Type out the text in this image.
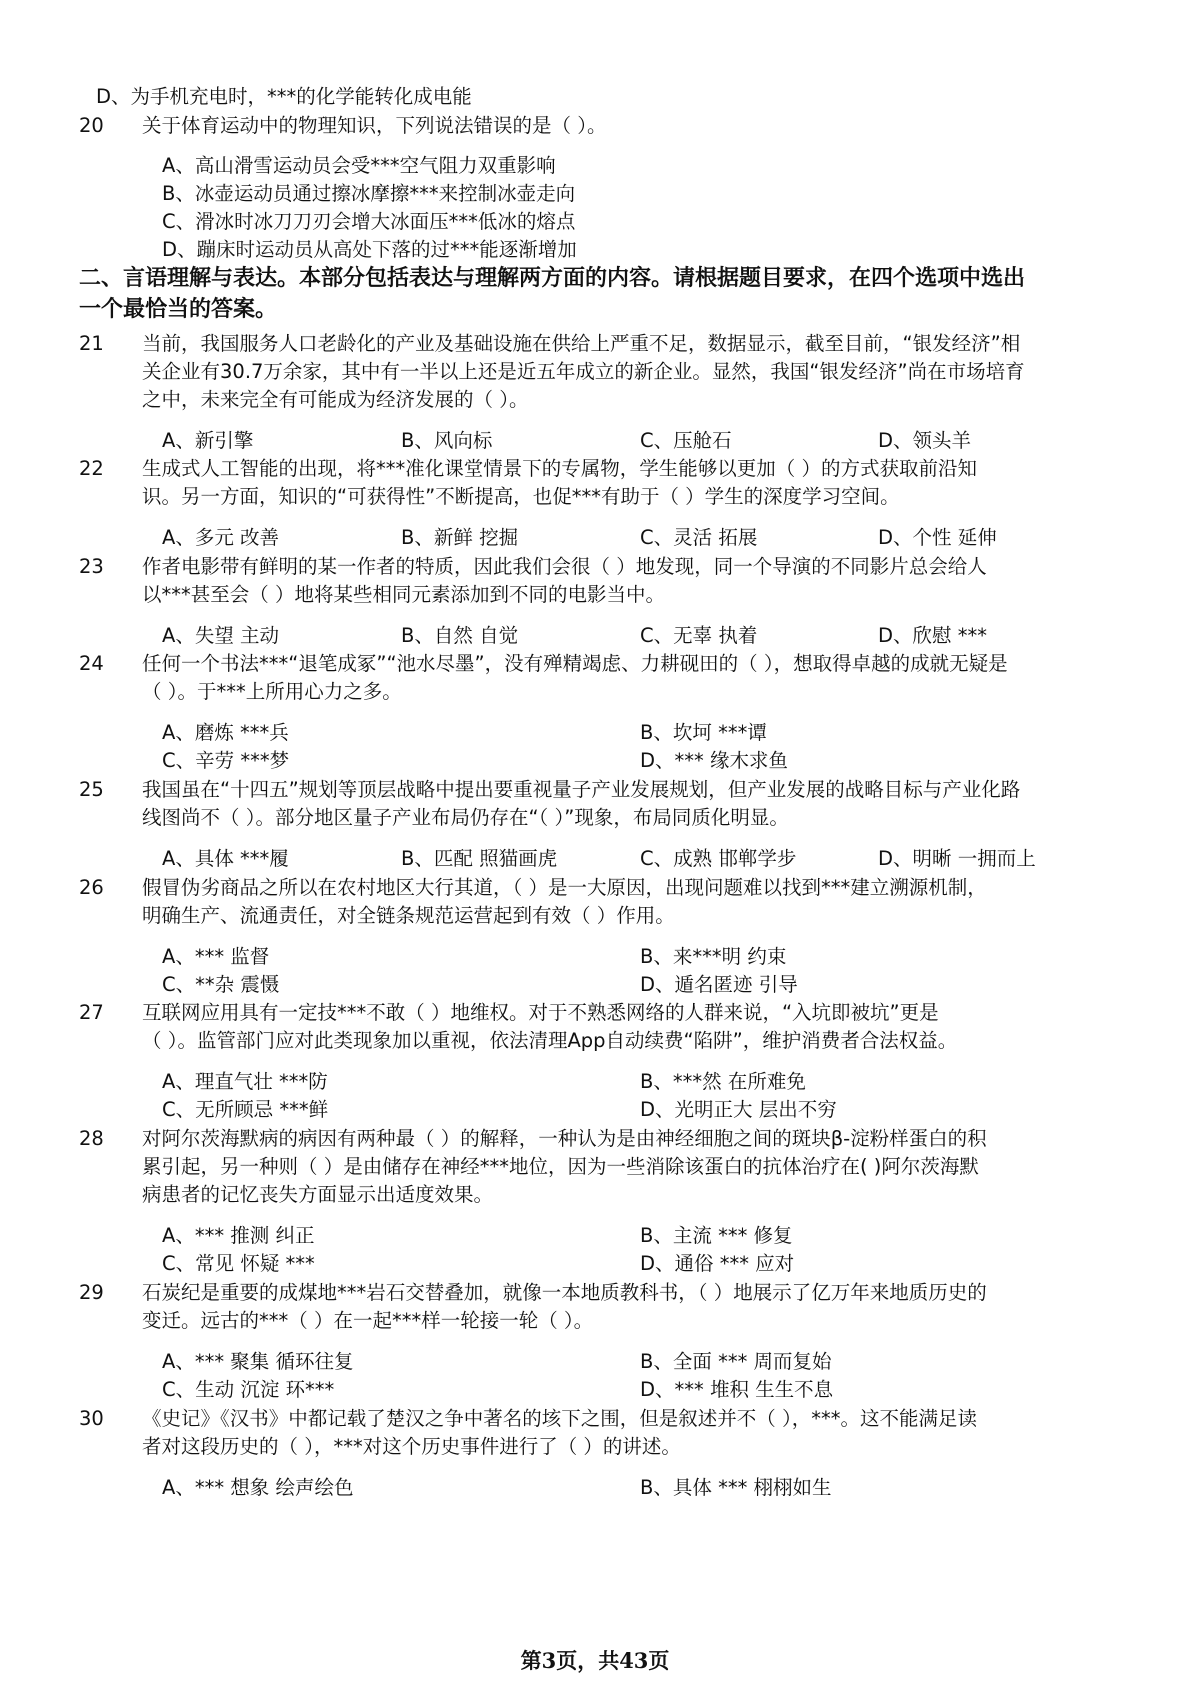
D、为手机充电时，***的化学能转化成电能
20 关于体育运动中的物理知识，下列说法错误的是（ ）。
A、高山滑雪运动员会受***空气阻力双重影响
B、冰壶运动员通过擦冰摩擦***来控制冰壶走向
C、滑冰时冰刀刀刃会增大冰面压***低冰的熔点
D、蹦床时运动员从高处下落的过***能逐渐增加
二、言语理解与表达。本部分包括表达与理解两方面的内容。请根据题目要求，在四个选项中选出
一个最恰当的答案。
21 当前，我国服务人口老龄化的产业及基础设施在供给上严重不足，数据显示，截至目前，“银发经济”相
关企业有30.7万余家，其中有一半以上还是近五年成立的新企业。显然，我国“银发经济”尚在市场培育
之中，未来完全有可能成为经济发展的（ ）。
A、新引擎	B、风向标	C、压舱石	D、领头羊
22 生成式人工智能的出现，将***准化课堂情景下的专属物，学生能够以更加（ ）的方式获取前沿知
识。另一方面，知识的“可获得性”不断提高，也促***有助于（ ）学生的深度学习空间。
A、多元 改善	B、新鲜 挖掘	C、灵活 拓展	D、个性 延伸
23 作者电影带有鲜明的某一作者的特质，因此我们会很（ ）地发现，同一个导演的不同影片总会给人
以***甚至会（ ）地将某些相同元素添加到不同的电影当中。
A、失望 主动	B、自然 自觉	C、无辜 执着	D、欣慰 ***
24 任何一个书法***“退笔成冢”“池水尽墨”，没有殚精竭虑、力耕砚田的（ ），想取得卓越的成就无疑是
（ ）。于***上所用心力之多。
A、磨炼 ***兵	B、坎坷 ***谭
C、辛劳 ***梦	D、*** 缘木求鱼
25 我国虽在“十四五”规划等顶层战略中提出要重视量子产业发展规划，但产业发展的战略目标与产业化路
线图尚不（ ）。部分地区量子产业布局仍存在“（ ）”现象，布局同质化明显。
A、具体 ***履	B、匹配 照猫画虎	C、成熟 邯郸学步	D、明晰 一拥而上
26 假冒伪劣商品之所以在农村地区大行其道，（ ）是一大原因，出现问题难以找到***建立溯源机制，
明确生产、流通责任，对全链条规范运营起到有效（ ）作用。
A、*** 监督	B、来***明 约束
C、**杂 震慑	D、遁名匿迹 引导
27 互联网应用具有一定技***不敢（ ）地维权。对于不熟悉网络的人群来说，“入坑即被坑”更是
（ ）。监管部门应对此类现象加以重视，依法清理App自动续费“陷阱”，维护消费者合法权益。
A、理直气壮 ***防	B、***然 在所难免
C、无所顾忌 ***鲜	D、光明正大 层出不穷
28 对阿尔茨海默病的病因有两种最（ ）的解释，一种认为是由神经细胞之间的斑块β-淀粉样蛋白的积
累引起，另一种则（ ）是由储存在神经***地位，因为一些消除该蛋白的抗体治疗在( )阿尔茨海默
病患者的记忆丧失方面显示出适度效果。
A、*** 推测 纠正	B、主流 *** 修复
C、常见 怀疑 ***	D、通俗 *** 应对
29 石炭纪是重要的成煤地***岩石交替叠加，就像一本地质教科书，（ ）地展示了亿万年来地质历史的
变迁。远古的***（ ）在一起***样一轮接一轮（ ）。
A、*** 聚集 循环往复	B、全面 *** 周而复始
C、生动 沉淀 环***	D、*** 堆积 生生不息
30 《史记》《汉书》中都记载了楚汉之争中著名的垓下之围，但是叙述并不（ ），***。这不能满足读
者对这段历史的（ ），***对这个历史事件进行了（ ）的讲述。
A、*** 想象 绘声绘色	B、具体 *** 栩栩如生
第3页，共43页
